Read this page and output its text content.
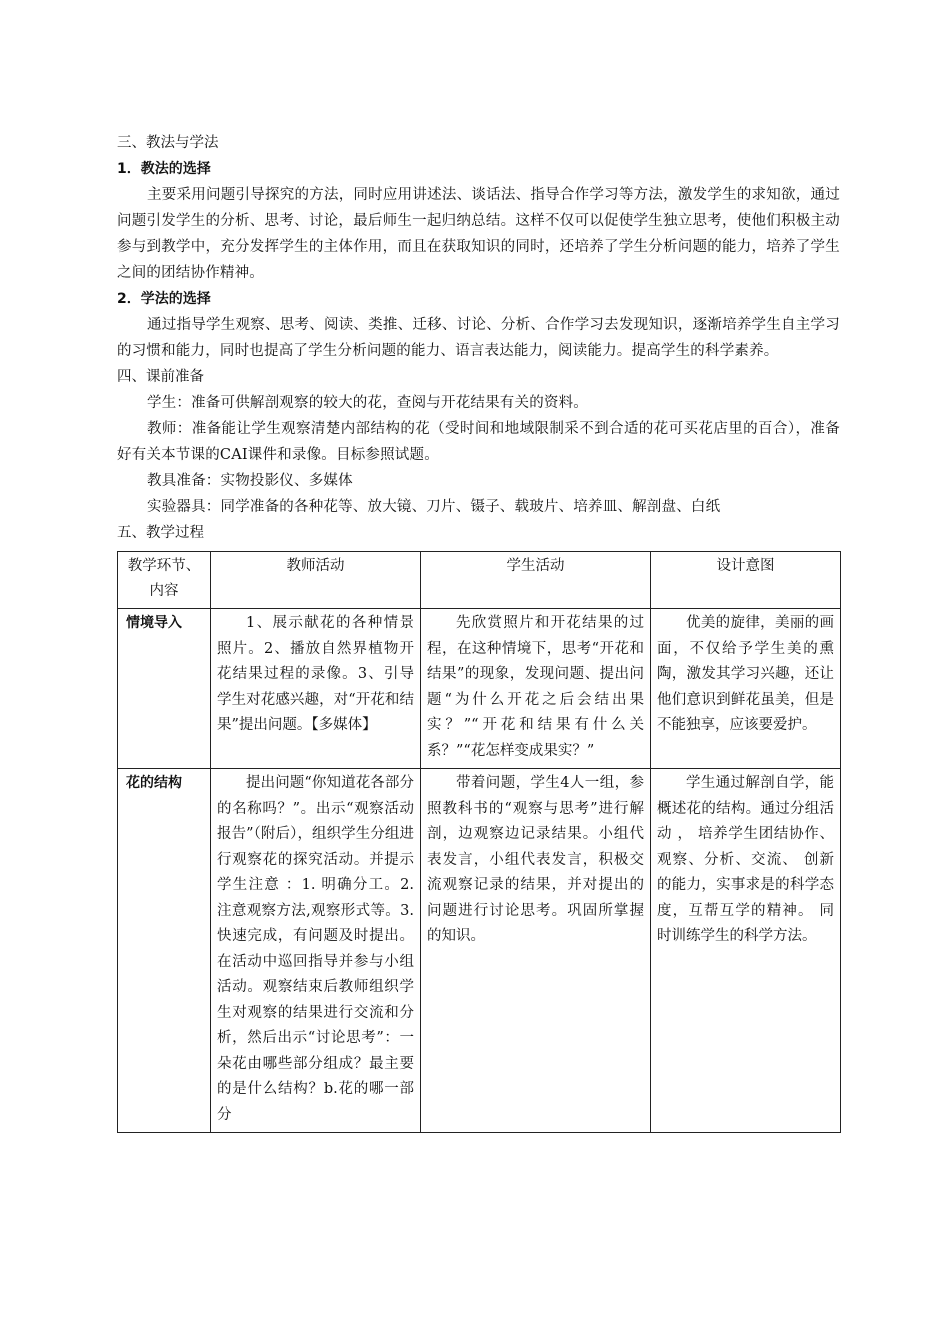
三、教法与学法
1．教法的选择
主要采用问题引导探究的方法，同时应用讲述法、谈话法、指导合作学习等方法，激发学生的求知欲，通过问题引发学生的分析、思考、讨论，最后师生一起归纳总结。这样不仅可以促使学生独立思考，使他们积极主动参与到教学中，充分发挥学生的主体作用，而且在获取知识的同时，还培养了学生分析问题的能力，培养了学生之间的团结协作精神。
2．学法的选择
通过指导学生观察、思考、阅读、类推、迁移、讨论、分析、合作学习去发现知识，逐渐培养学生自主学习的习惯和能力，同时也提高了学生分析问题的能力、语言表达能力，阅读能力。提高学生的科学素养。
四、课前准备
学生：准备可供解剖观察的较大的花，查阅与开花结果有关的资料。
教师：准备能让学生观察清楚内部结构的花（受时间和地域限制采不到合适的花可买花店里的百合），准备好有关本节课的CAI课件和录像。目标参照试题。
教具准备：实物投影仪、多媒体
实验器具：同学准备的各种花等、放大镜、刀片、镊子、载玻片、培养皿、解剖盘、白纸
五、教学过程
教学环节、内容	教师活动	学生活动	设计意图
情境导入	1、展示献花的各种情景照片。2、播放自然界植物开花结果过程的录像。3、引导学生对花感兴趣，对“开花和结果”提出问题。【多媒体】	先欣赏照片和开花结果的过程，在这种情境下，思考“开花和结果”的现象，发现问题、提出问题“为什么开花之后会结出果实？”“开花和结果有什么关系？”“花怎样变成果实？”	优美的旋律，美丽的画面，不仅给予学生美的熏陶，激发其学习兴趣，还让他们意识到鲜花虽美，但是不能独享，应该要爱护。
花的结构	提出问题“你知道花各部分的名称吗？”。出示“观察活动报告”（附后），组织学生分组进行观察花的探究活动。并提示学生注意 ：1. 明确分工。2. 注意观察方法,观察形式等。3. 快速完成，有问题及时提出。在活动中巡回指导并参与小组活动。观察结束后教师组织学生对观察的结果进行交流和分析，然后出示“讨论思考”：一朵花由哪些部分组成？最主要的是什么结构？b.花的哪一部分	带着问题，学生4人一组，参照教科书的“观察与思考”进行解剖，边观察边记录结果。小组代表发言，小组代表发言，积极交流观察记录的结果，并对提出的问题进行讨论思考。巩固所掌握的知识。	学生通过解剖自学，能概述花的结构。通过分组活动 ， 培养学生团结协作、观察、分析、交流、 创新的能力，实事求是的科学态度，互帮互学的精神。 同时训练学生的科学方法。
